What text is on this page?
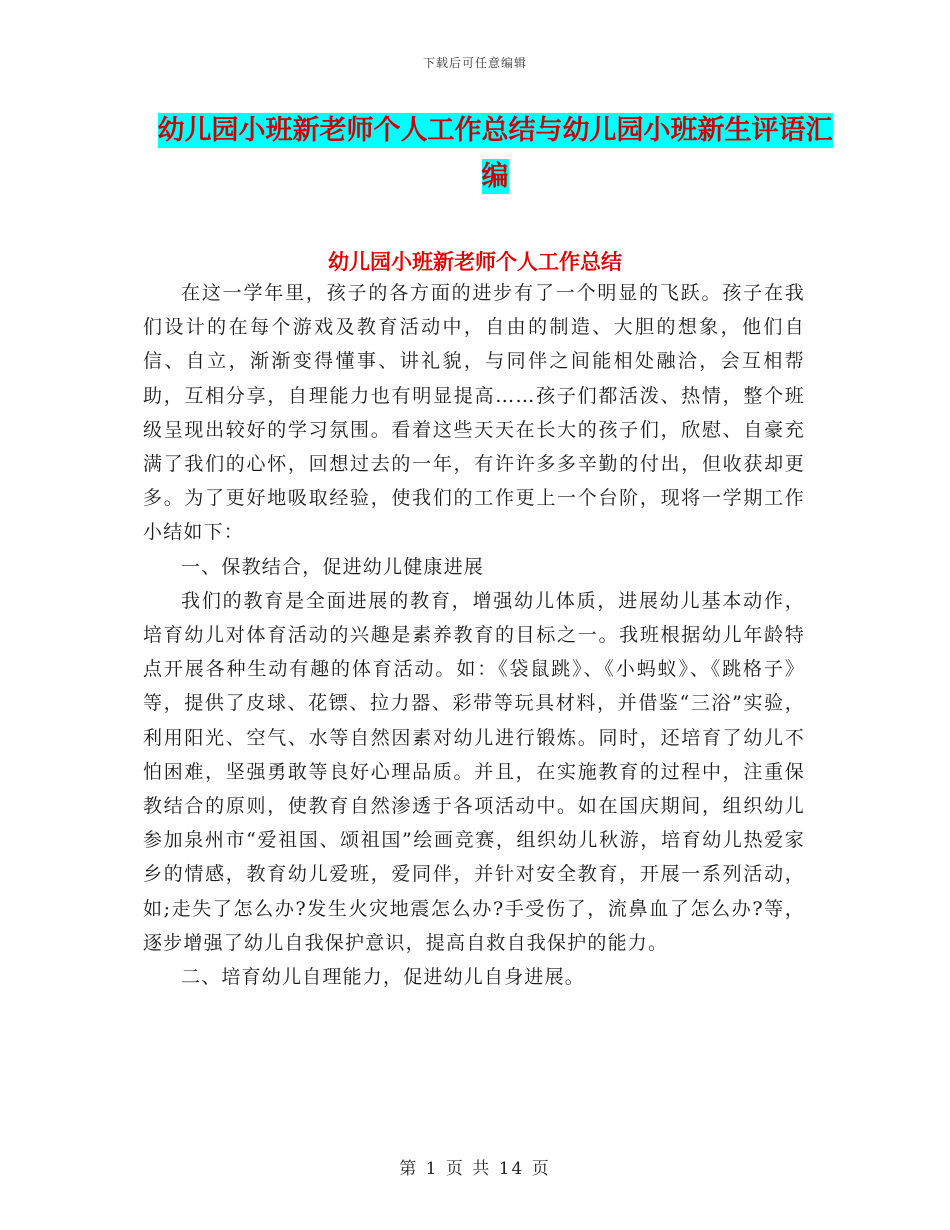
下载后可任意编辑
幼儿园小班新老师个人工作总结与幼儿园小班新生评语汇编
幼儿园小班新老师个人工作总结

在这一学年里，孩子的各方面的进步有了一个明显的飞跃。孩子在我们设计的在每个游戏及教育活动中，自由的制造、大胆的想象，他们自信、自立，渐渐变得懂事、讲礼貌，与同伴之间能相处融洽，会互相帮助，互相分享，自理能力也有明显提高……孩子们都活泼、热情，整个班级呈现出较好的学习氛围。看着这些天天在长大的孩子们，欣慰、自豪充满了我们的心怀，回想过去的一年，有许许多多辛勤的付出，但收获却更多。为了更好地吸取经验，使我们的工作更上一个台阶，现将一学期工作小结如下：

一、保教结合，促进幼儿健康进展

我们的教育是全面进展的教育，增强幼儿体质，进展幼儿基本动作，培育幼儿对体育活动的兴趣是素养教育的目标之一。我班根据幼儿年龄特点开展各种生动有趣的体育活动。如：《袋鼠跳》、《小蚂蚁》、《跳格子》等，提供了皮球、花镖、拉力器、彩带等玩具材料，并借鉴“三浴”实验，利用阳光、空气、水等自然因素对幼儿进行锻炼。同时，还培育了幼儿不怕困难，坚强勇敢等良好心理品质。并且，在实施教育的过程中，注重保教结合的原则，使教育自然渗透于各项活动中。如在国庆期间，组织幼儿参加泉州市“爱祖国、颂祖国”绘画竞赛，组织幼儿秋游，培育幼儿热爱家乡的情感，教育幼儿爱班，爱同伴，并针对安全教育，开展一系列活动，如;走失了怎么办?发生火灾地震怎么办?手受伤了，流鼻血了怎么办?等，逐步增强了幼儿自我保护意识，提高自救自我保护的能力。

二、培育幼儿自理能力，促进幼儿自身进展。

第 1 页 共 14 页
